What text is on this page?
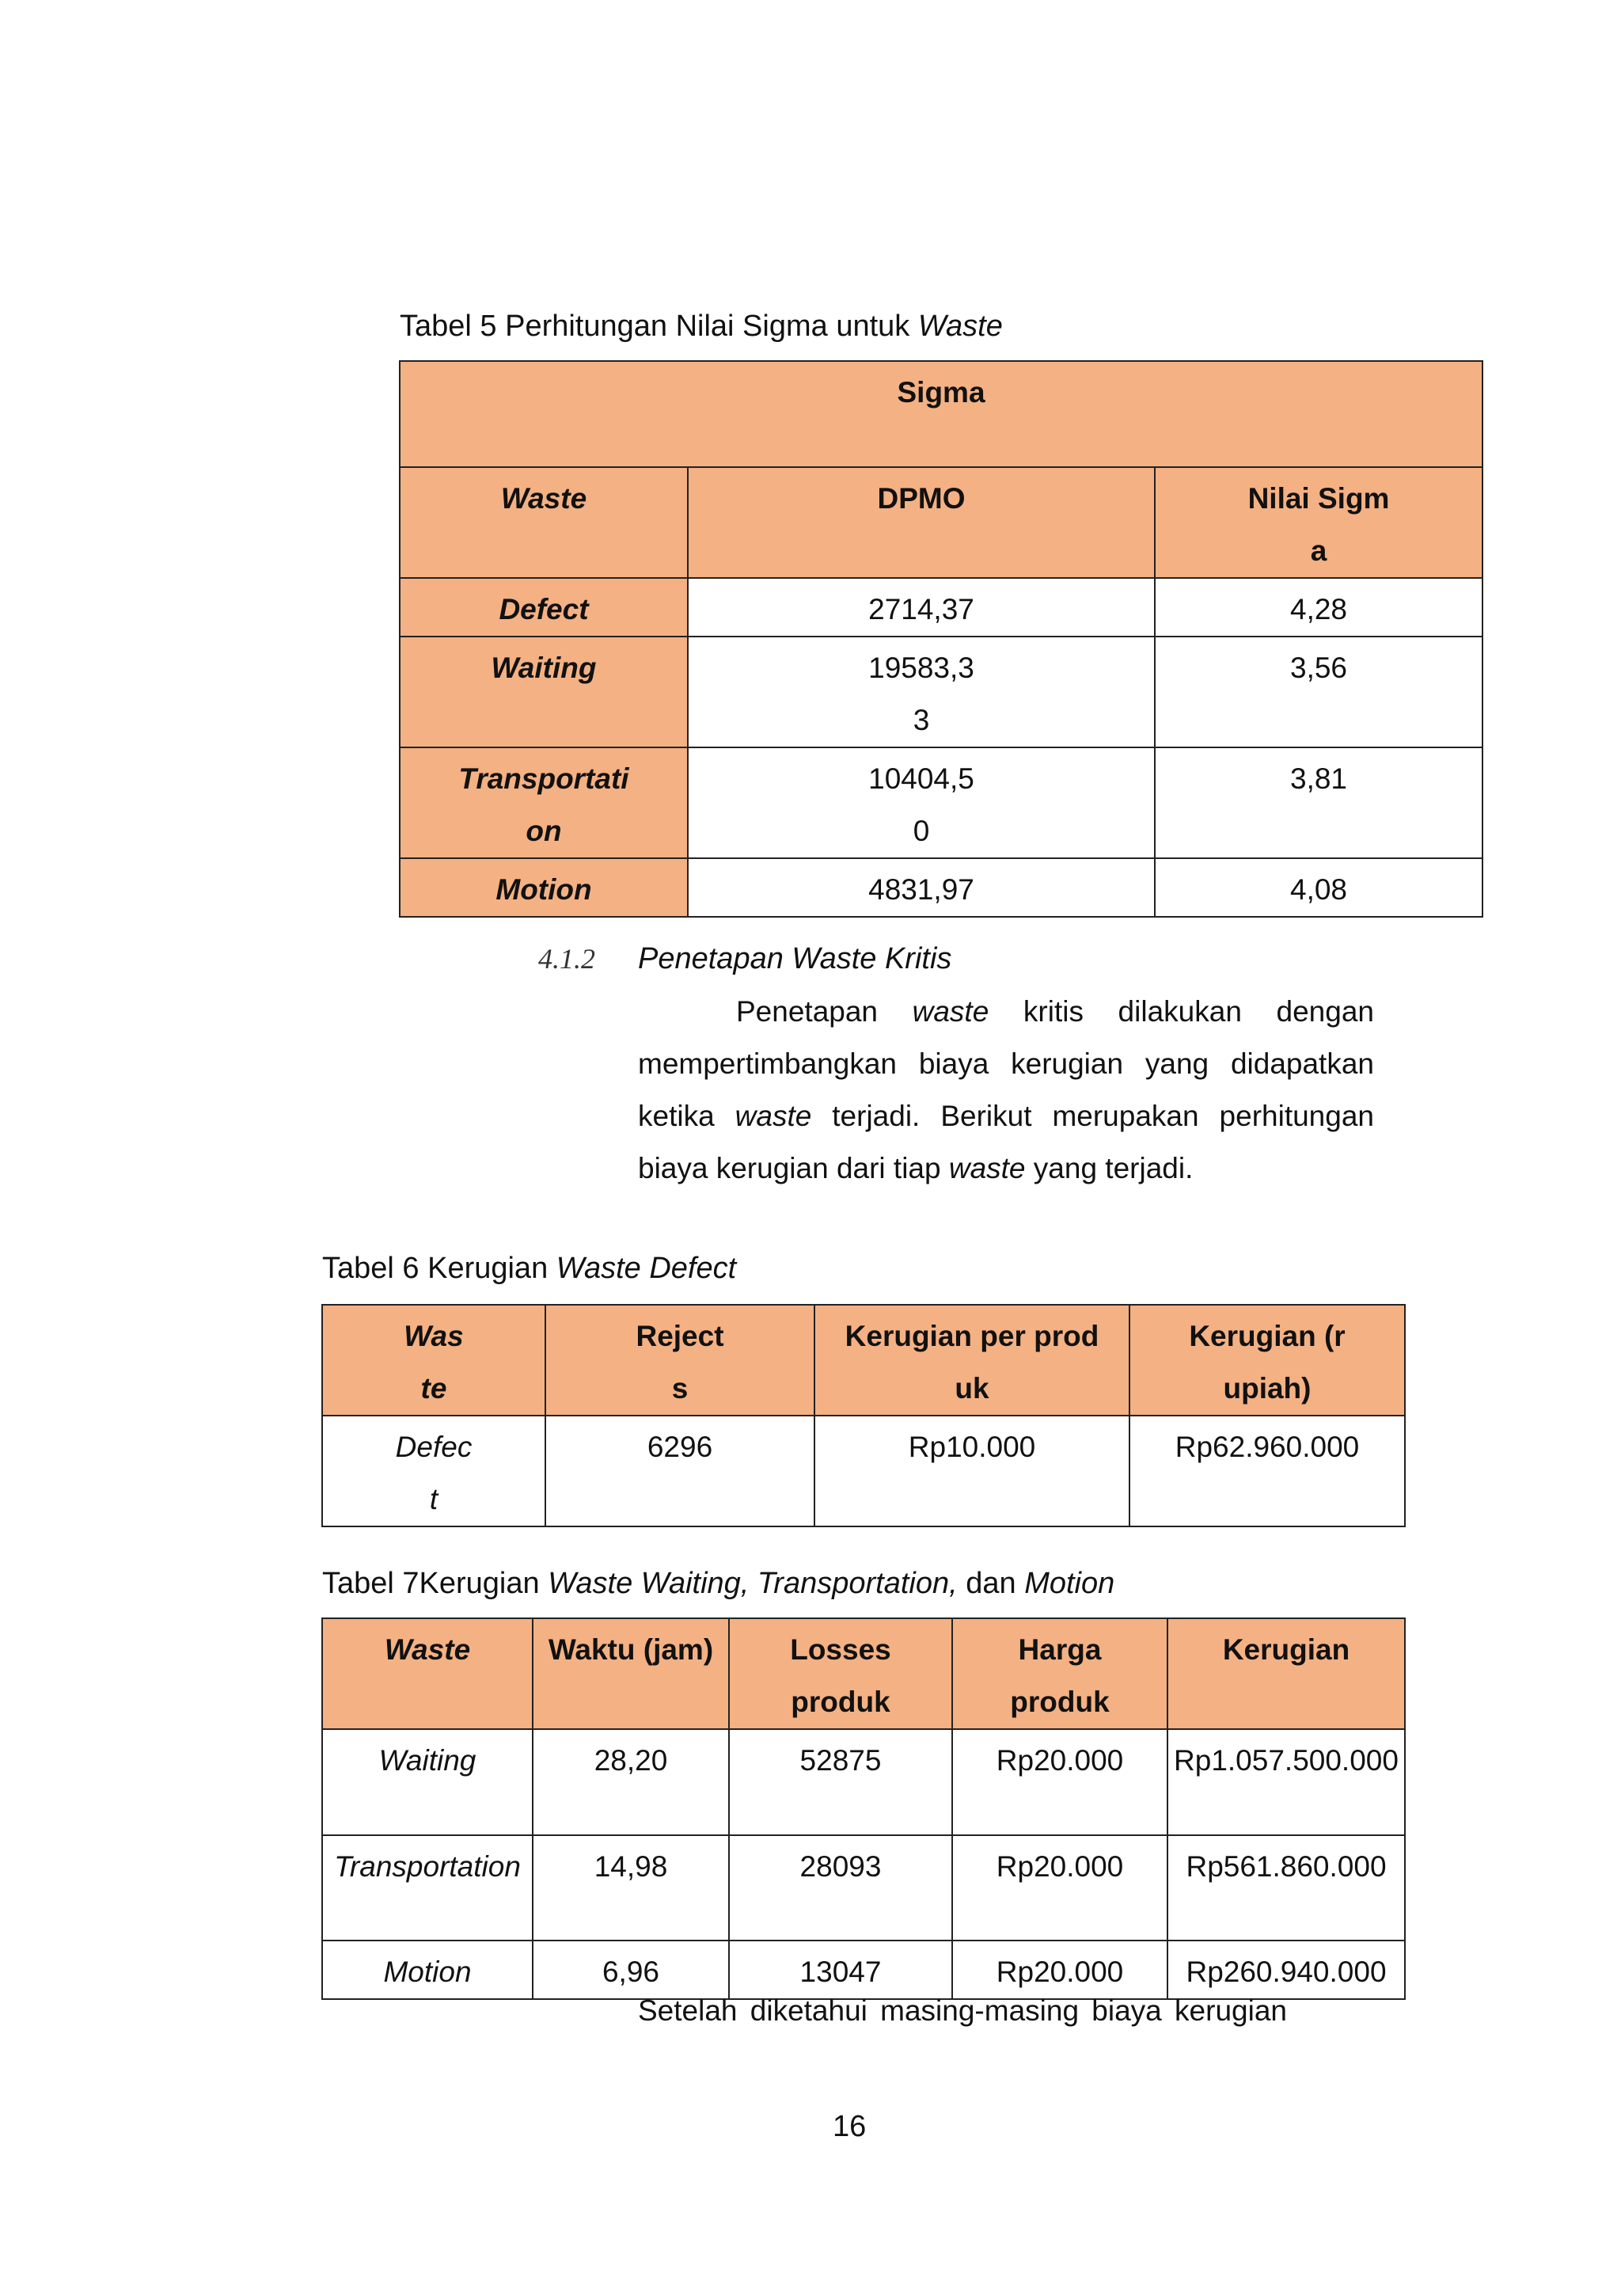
Tabel 5 Perhitungan Nilai Sigma untuk Waste
Sigma		
Waste	DPMO	Nilai Sigma
Defect	2714,37	4,28
Waiting	19583,33	3,56
Transportation	10404,50	3,81
Motion	4831,97	4,08
4.1.2 Penetapan Waste Kritis
Penetapan waste kritis dilakukan dengan mempertimbangkan biaya kerugian yang didapatkan ketika waste terjadi. Berikut merupakan perhitungan biaya kerugian dari tiap waste yang terjadi.
Tabel 6 Kerugian Waste Defect
Waste	Rejects	Kerugian per produk	Kerugian (rupiah)
Defect	6296	Rp10.000	Rp62.960.000
Tabel 7Kerugian Waste Waiting, Transportation, dan Motion
Waste	Waktu (jam)	Losses produk	Harga produk	Kerugian
Waiting	28,20	52875	Rp20.000	Rp1.057.500.000
Transportation	14,98	28093	Rp20.000	Rp561.860.000
Motion	6,96	13047	Rp20.000	Rp260.940.000
Setelah diketahui masing-masing biaya kerugian
16
